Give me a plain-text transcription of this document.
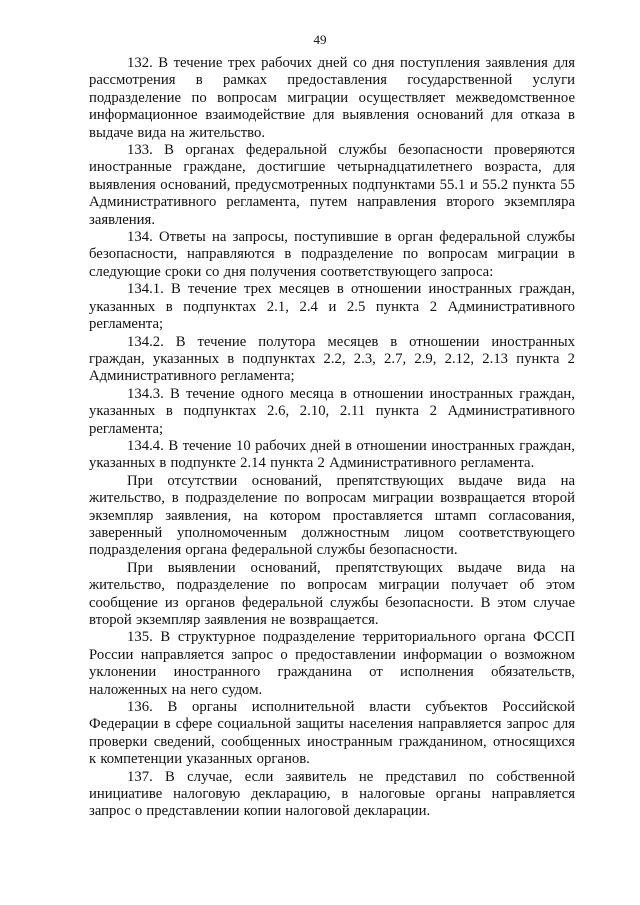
49

132. В течение трех рабочих дней со дня поступления заявления для рассмотрения в рамках предоставления государственной услуги подразделение по вопросам миграции осуществляет межведомственное информационное взаимодействие для выявления оснований для отказа в выдаче вида на жительство.

133. В органах федеральной службы безопасности проверяются иностранные граждане, достигшие четырнадцатилетнего возраста, для выявления оснований, предусмотренных подпунктами 55.1 и 55.2 пункта 55 Административного регламента, путем направления второго экземпляра заявления.

134. Ответы на запросы, поступившие в орган федеральной службы безопасности, направляются в подразделение по вопросам миграции в следующие сроки со дня получения соответствующего запроса:

134.1. В течение трех месяцев в отношении иностранных граждан, указанных в подпунктах 2.1, 2.4 и 2.5 пункта 2 Административного регламента;

134.2. В течение полутора месяцев в отношении иностранных граждан, указанных в подпунктах 2.2, 2.3, 2.7, 2.9, 2.12, 2.13 пункта 2 Административного регламента;

134.3. В течение одного месяца в отношении иностранных граждан, указанных в подпунктах 2.6, 2.10, 2.11 пункта 2 Административного регламента;

134.4. В течение 10 рабочих дней в отношении иностранных граждан, указанных в подпункте 2.14 пункта 2 Административного регламента.

При отсутствии оснований, препятствующих выдаче вида на жительство, в подразделение по вопросам миграции возвращается второй экземпляр заявления, на котором проставляется штамп согласования, заверенный уполномоченным должностным лицом соответствующего подразделения органа федеральной службы безопасности.

При выявлении оснований, препятствующих выдаче вида на жительство, подразделение по вопросам миграции получает об этом сообщение из органов федеральной службы безопасности. В этом случае второй экземпляр заявления не возвращается.

135. В структурное подразделение территориального органа ФССП России направляется запрос о предоставлении информации о возможном уклонении иностранного гражданина от исполнения обязательств, наложенных на него судом.

136. В органы исполнительной власти субъектов Российской Федерации в сфере социальной защиты населения направляется запрос для проверки сведений, сообщенных иностранным гражданином, относящихся к компетенции указанных органов.

137. В случае, если заявитель не представил по собственной инициативе налоговую декларацию, в налоговые органы направляется запрос о представлении копии налоговой декларации.
